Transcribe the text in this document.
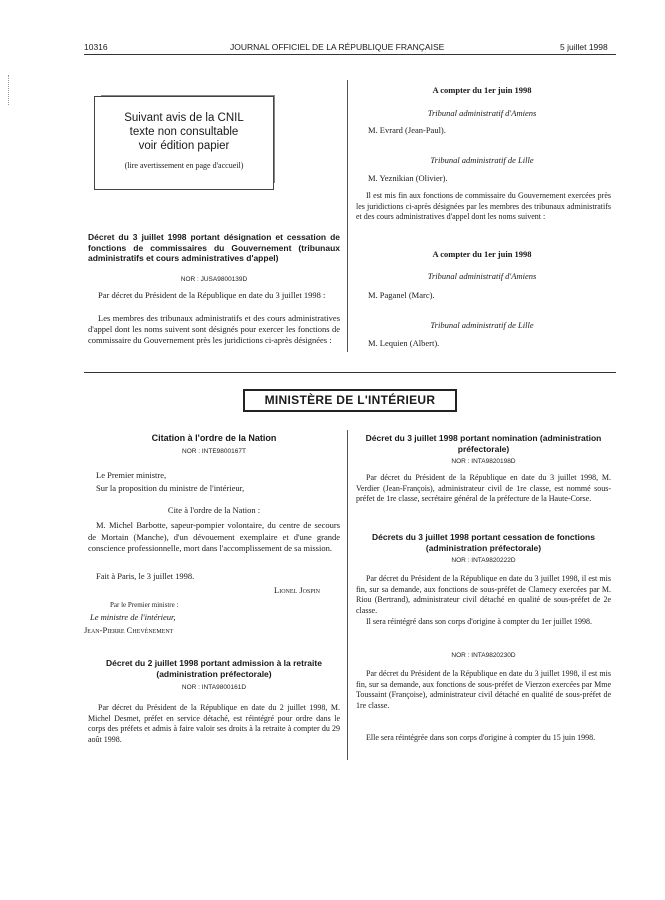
10316	JOURNAL OFFICIEL DE LA RÉPUBLIQUE FRANÇAISE	5 juillet 1998
Suivant avis de la CNIL
texte non consultable
voir édition papier
(lire avertissement en page d'accueil)
Décret du 3 juillet 1998 portant désignation et cessation de fonctions de commissaires du Gouvernement (tribunaux administratifs et cours administratives d'appel)
NOR : JUSA9800139D
Par décret du Président de la République en date du 3 juillet 1998 :
Les membres des tribunaux administratifs et des cours administratives d'appel dont les noms suivent sont désignés pour exercer les fonctions de commissaire du Gouvernement près les juridictions ci-après désignées :
A compter du 1er juin 1998
Tribunal administratif d'Amiens
M. Evrard (Jean-Paul).
Tribunal administratif de Lille
M. Yeznikian (Olivier).
Il est mis fin aux fonctions de commissaire du Gouvernement exercées près les juridictions ci-après désignées par les membres des tribunaux administratifs et des cours administratives d'appel dont les noms suivent :
A compter du 1er juin 1998
Tribunal administratif d'Amiens
M. Paganel (Marc).
Tribunal administratif de Lille
M. Lequien (Albert).
MINISTÈRE DE L'INTÉRIEUR
Citation à l'ordre de la Nation
NOR : INTE9800167T
Le Premier ministre,
Sur la proposition du ministre de l'intérieur,
Cite à l'ordre de la Nation :
M. Michel Barbotte, sapeur-pompier volontaire, du centre de secours de Mortain (Manche), d'un dévouement exemplaire et d'une grande conscience professionnelle, mort dans l'accomplissement de sa mission.
Fait à Paris, le 3 juillet 1998.
Lionel Jospin
Par le Premier ministre :
Le ministre de l'intérieur,
Jean-Pierre Chevènement
Décret du 2 juillet 1998 portant admission à la retraite (administration préfectorale)
NOR : INTA9800161D
Par décret du Président de la République en date du 2 juillet 1998, M. Michel Desmet, préfet en service détaché, est réintégré pour ordre dans le corps des préfets et admis à faire valoir ses droits à la retraite à compter du 29 août 1998.
Décret du 3 juillet 1998 portant nomination (administration préfectorale)
NOR : INTA9820198D
Par décret du Président de la République en date du 3 juillet 1998, M. Verdier (Jean-François), administrateur civil de 1re classe, est nommé sous-préfet de 1re classe, secrétaire général de la préfecture de la Haute-Corse.
Décrets du 3 juillet 1998 portant cessation de fonctions (administration préfectorale)
NOR : INTA9820222D
Par décret du Président de la République en date du 3 juillet 1998, il est mis fin, sur sa demande, aux fonctions de sous-préfet de Clamecy exercées par M. Riou (Bertrand), administrateur civil détaché en qualité de sous-préfet de 2e classe.
Il sera réintégré dans son corps d'origine à compter du 1er juillet 1998.
NOR : INTA9820230D
Par décret du Président de la République en date du 3 juillet 1998, il est mis fin, sur sa demande, aux fonctions de sous-préfet de Vierzon exercées par Mme Toussaint (Françoise), administrateur civil détaché en qualité de sous-préfet de 1re classe.
Elle sera réintégrée dans son corps d'origine à compter du 15 juin 1998.
